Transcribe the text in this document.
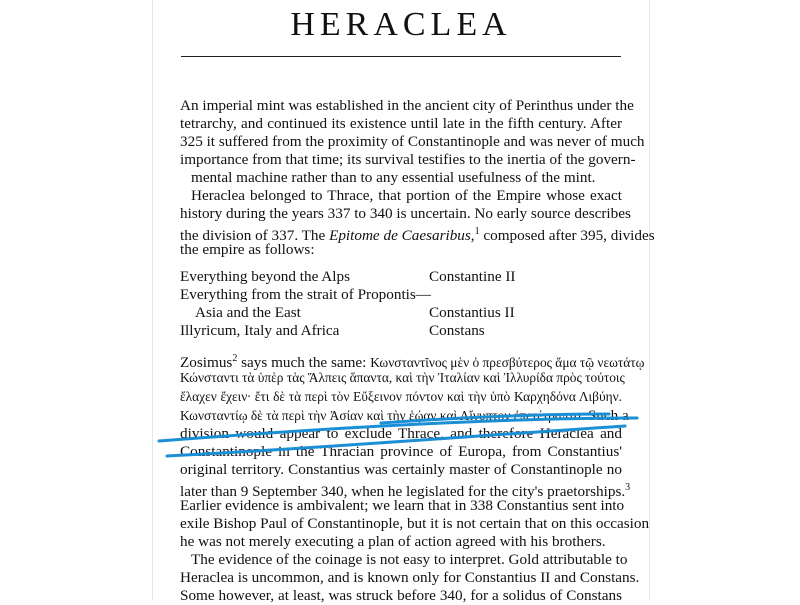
HERACLEA
An imperial mint was established in the ancient city of Perinthus under the
tetrarchy, and continued its existence until late in the fifth century. After
325 it suffered from the proximity of Constantinople and was never of much
importance from that time; its survival testifies to the inertia of the govern-
mental machine rather than to any essential usefulness of the mint.
Heraclea belonged to Thrace, that portion of the Empire whose exact
history during the years 337 to 340 is uncertain. No early source describes
the division of 337. The Epitome de Caesaribus,$^1$ composed after 395, divides
the empire as follows:
Everything beyond the Alps	Constantine II
Everything from the strait of Propontis—
Asia and the East	Constantius II
Illyricum, Italy and Africa	Constans
Zosimus$^2$ says much the same: Κωνσταντῖνος μὲν ὁ πρεσβύτερος ἅμα τῷ νεωτάτῳ
Κώνσταντι τὰ ὑπὲρ τὰς Ἅλπεις ἅπαντα, καὶ τὴν Ἰταλίαν καὶ Ἰλλυρίδα πρὸς τούτοις
ἔλαχεν ἔχειν· ἔτι δὲ τὰ περὶ τὸν Εὔξεινον πόντον καὶ τὴν ὑπὸ Καρχηδόνα Λιβύην.
Κωνσταντίῳ δὲ τὰ περὶ τὴν Ἀσίαν καὶ τὴν ἑῴαν καὶ Αἴγυπτον ἐπετέτραπτο. Such a
division would appear to exclude Thrace, and therefore Heraclea and
Constantinople in the Thracian province of Europa, from Constantius'
original territory. Constantius was certainly master of Constantinople no
later than 9 September 340, when he legislated for the city's praetorships.$^3$
Earlier evidence is ambivalent; we learn that in 338 Constantius sent into
exile Bishop Paul of Constantinople, but it is not certain that on this occasion
he was not merely executing a plan of action agreed with his brothers.
The evidence of the coinage is not easy to interpret. Gold attributable to
Heraclea is uncommon, and is known only for Constantius II and Constans.
Some however, at least, was struck before 340, for a solidus of Constans
